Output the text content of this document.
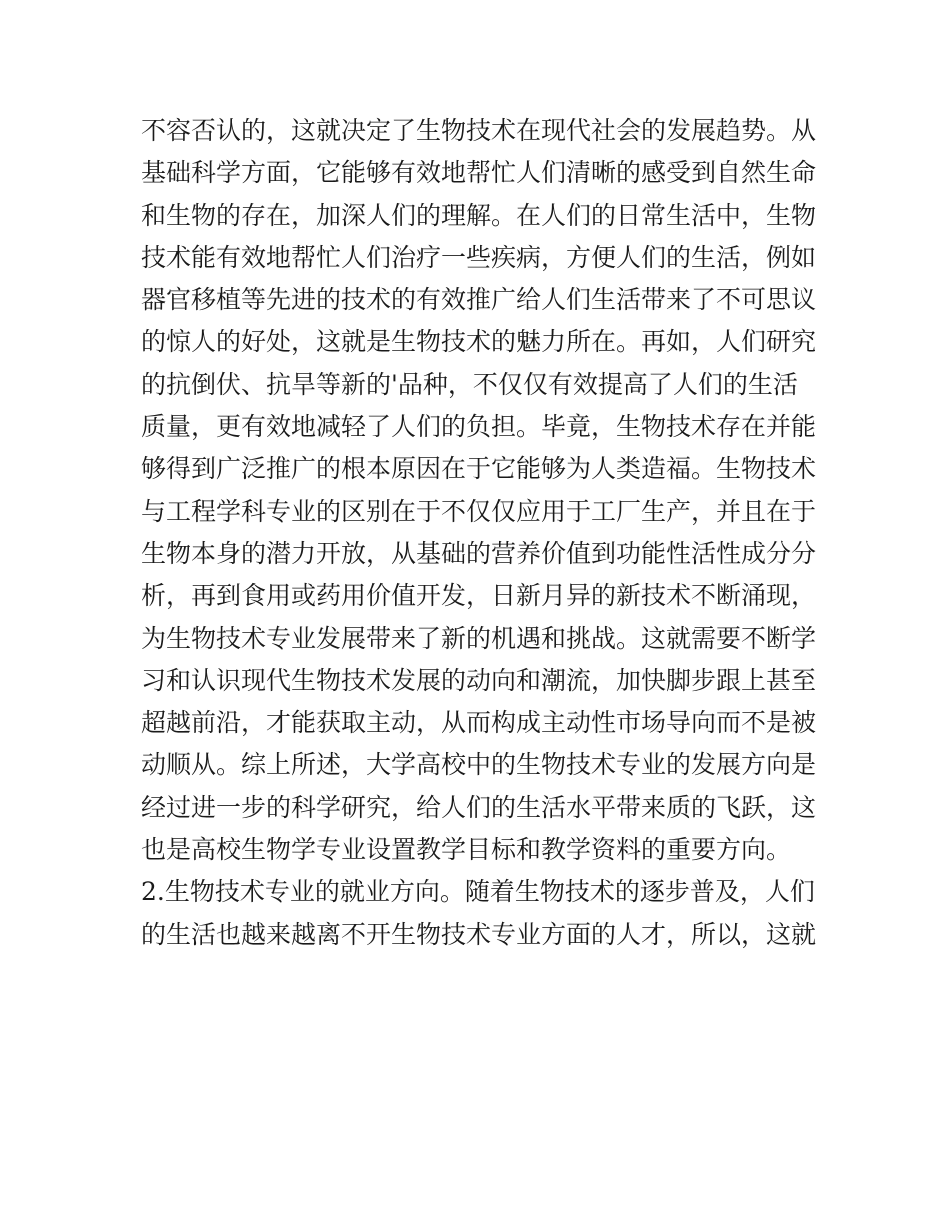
不容否认的，这就决定了生物技术在现代社会的发展趋势。从
基础科学方面，它能够有效地帮忙人们清晰的感受到自然生命
和生物的存在，加深人们的理解。在人们的日常生活中，生物
技术能有效地帮忙人们治疗一些疾病，方便人们的生活，例如
器官移植等先进的技术的有效推广给人们生活带来了不可思议
的惊人的好处，这就是生物技术的魅力所在。再如，人们研究
的抗倒伏、抗旱等新的'品种，不仅仅有效提高了人们的生活
质量，更有效地减轻了人们的负担。毕竟，生物技术存在并能
够得到广泛推广的根本原因在于它能够为人类造福。生物技术
与工程学科专业的区别在于不仅仅应用于工厂生产，并且在于
生物本身的潜力开放，从基础的营养价值到功能性活性成分分
析，再到食用或药用价值开发，日新月异的新技术不断涌现，
为生物技术专业发展带来了新的机遇和挑战。这就需要不断学
习和认识现代生物技术发展的动向和潮流，加快脚步跟上甚至
超越前沿，才能获取主动，从而构成主动性市场导向而不是被
动顺从。综上所述，大学高校中的生物技术专业的发展方向是
经过进一步的科学研究，给人们的生活水平带来质的飞跃，这
也是高校生物学专业设置教学目标和教学资料的重要方向。
2.生物技术专业的就业方向。随着生物技术的逐步普及，人们
的生活也越来越离不开生物技术专业方面的人才，所以，这就
